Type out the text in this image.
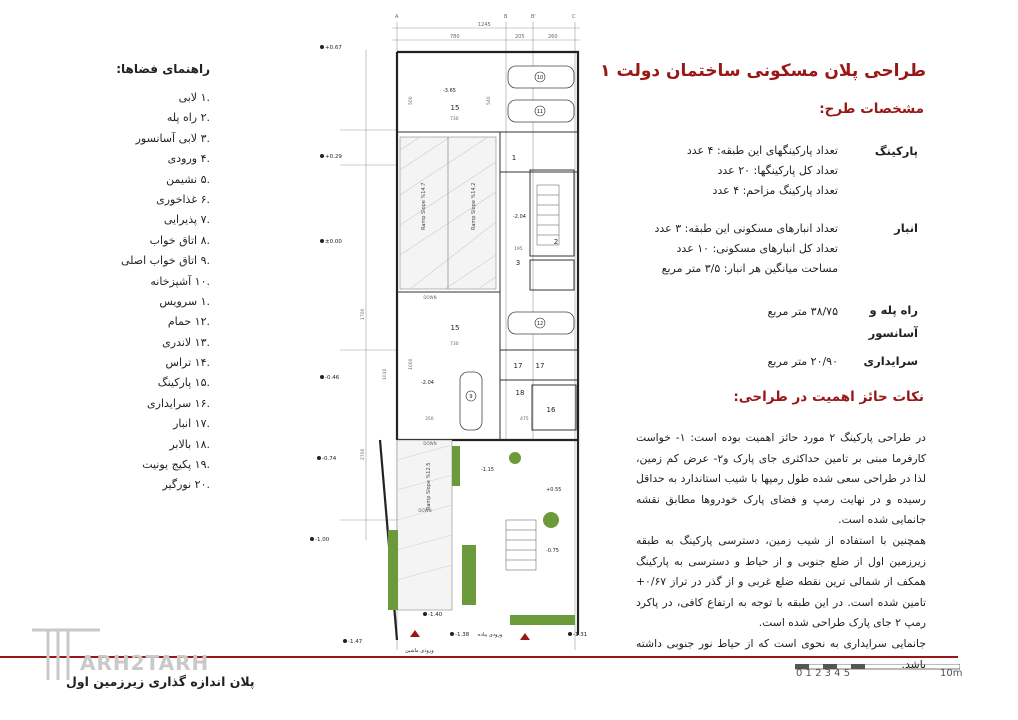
راهنمای فضاها:
.۱ لابی
.۲ راه پله
.۳ لابی آسانسور
.۴ ورودی
.۵ نشیمن
.۶ غذاخوری
.۷ پذیرایی
.۸ اتاق خواب
.۹ اتاق خواب اصلی
.۱۰ آشپزخانه
.۱ سرویس
.۱۲ حمام
.۱۳ لاندری
.۱۴ تراس
.۱۵ پارکینگ
.۱۶ سرایداری
.۱۷ انبار
.۱۸ بالابر
.۱۹ پکیج یونیت
.۲۰ نورگیر
A	B	B'	C
1245
780	205	260
Ramp Slope %14.7	Ramp Slope %14.2
Ramp Slope %12.5
10
11
12
9
15
15
1
2
3
17 17
16
18
DOWN
DOWN
DOWN
730
730
350
1000
195
500	540
1700
2700
1010
475
+0.67
+0.29
±0.00
-0.46
-0.74
-1.00
-1.47
-1.38	-1.31
-1.40
-3.65
-2.04
-2.04
-1.15
+0.55
-0.75
ورودی ماشین
ورودی پیاده
طراحی پلان مسکونی ساختمان دولت ۱
مشخصات طرح:
پارکینگ
تعداد پارکینگهای این طبقه: ۴ عدد
تعداد کل پارکینگها: ۲۰ عدد
تعداد پارکینگ مزاحم: ۴ عدد
انبار
تعداد انبارهای مسکونی این طبقه: ۳ عدد
تعداد کل انبارهای مسکونی: ۱۰ عدد
مساحت میانگین هر انبار: ۳/۵ متر مربع
راه پله و
آسانسور
۳۸/۷۵ متر مربع
سرایداری
۲۰/۹۰ متر مربع
نکات حائز اهمیت در طراحی:

در طراحی پارکینگ ۲ مورد حائز اهمیت بوده است: ۱- خواست کارفرما مبنی بر تامین حداکثری جای پارک و۲- عرض کم زمین، لذا در طراحی سعی شده طول رمپها با شیب استاندارد به حداقل رسیده و در نهایت رمپ و فضای پارک خودروها مطابق نقشه جانمایی شده است.

همچنین با استفاده از شیب زمین، دسترسی پارکینگ به طبقه زیرزمین اول از ضلع جنوبی و از حیاط و دسترسی به پارکینگ همکف از شمالی ترین نقطه ضلع غربی و از گذر در تراز ۰/۶۷+ تامین شده است. در این طبقه با توجه به ارتفاع کافی، در پاکرد رمپ ۲ جای پارک طراحی شده است.

جانمایی سرایداری به نحوی است که از حیاط نور جنوبی داشته باشد.

ARH2TARH
پلان اندازه گذاری زیرزمین اول
0 1 2 3 4 5	10m
